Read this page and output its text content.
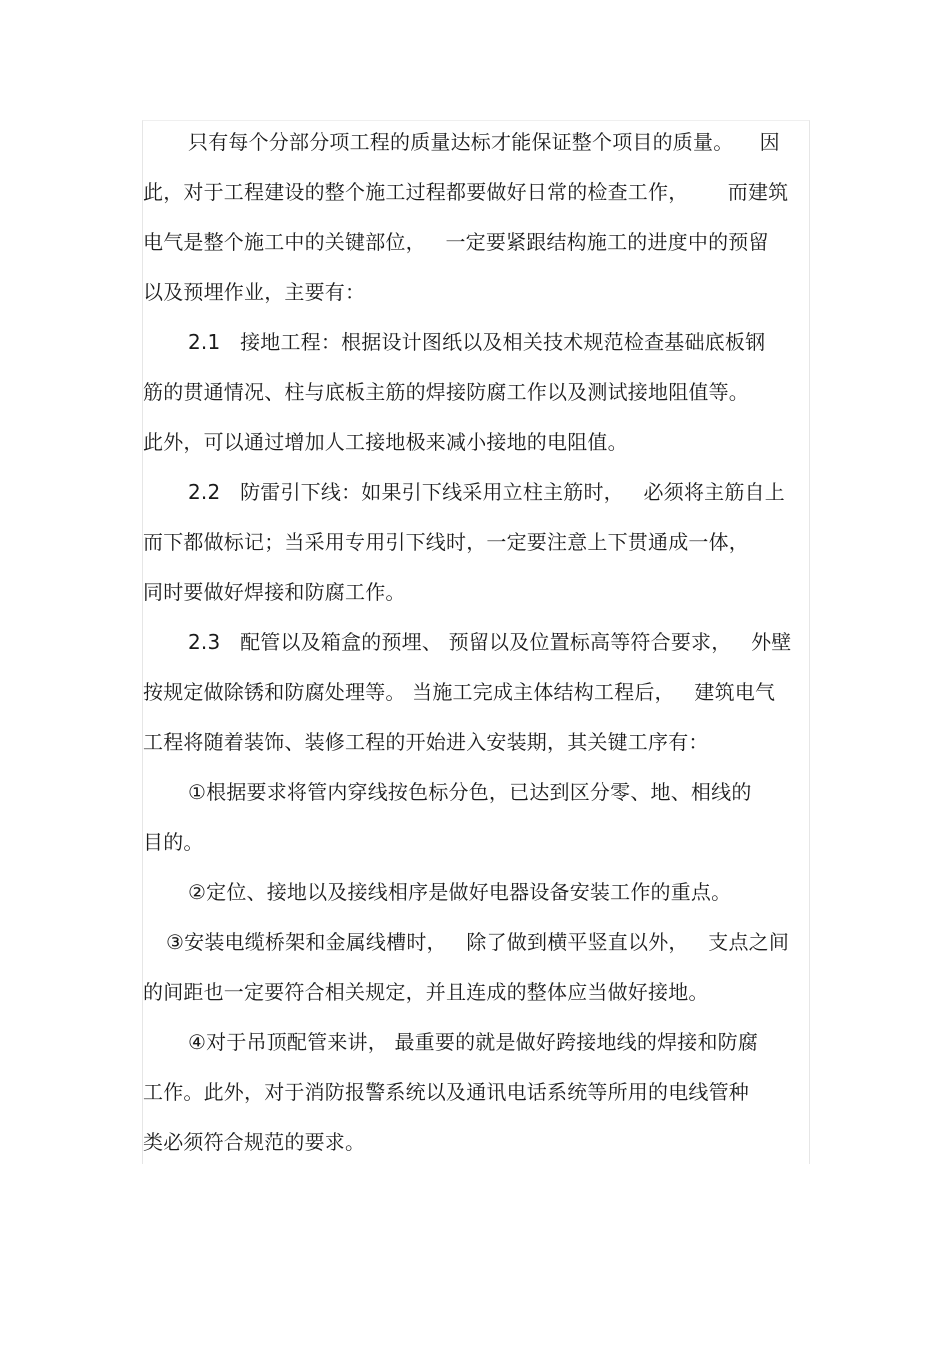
只有每个分部分项工程的质量达标才能保证整个项目的质量。    因
此，对于工程建设的整个施工过程都要做好日常的检查工作，      而建筑
电气是整个施工中的关键部位，   一定要紧跟结构施工的进度中的预留
以及预埋作业，主要有：
2.1   接地工程：根据设计图纸以及相关技术规范检查基础底板钢
筋的贯通情况、柱与底板主筋的焊接防腐工作以及测试接地阻值等。
此外，可以通过增加人工接地极来减小接地的电阻值。
2.2   防雷引下线：如果引下线采用立柱主筋时，   必须将主筋自上
而下都做标记；当采用专用引下线时，一定要注意上下贯通成一体，
同时要做好焊接和防腐工作。
2.3   配管以及箱盒的预埋、 预留以及位置标高等符合要求，   外壁
按规定做除锈和防腐处理等。 当施工完成主体结构工程后，   建筑电气
工程将随着装饰、装修工程的开始进入安装期，其关键工序有：
①根据要求将管内穿线按色标分色，已达到区分零、地、相线的
目的。
②定位、接地以及接线相序是做好电器设备安装工作的重点。
③安装电缆桥架和金属线槽时，   除了做到横平竖直以外，   支点之间
的间距也一定要符合相关规定，并且连成的整体应当做好接地。
④对于吊顶配管来讲， 最重要的就是做好跨接地线的焊接和防腐
工作。此外，对于消防报警系统以及通讯电话系统等所用的电线管种
类必须符合规范的要求。
